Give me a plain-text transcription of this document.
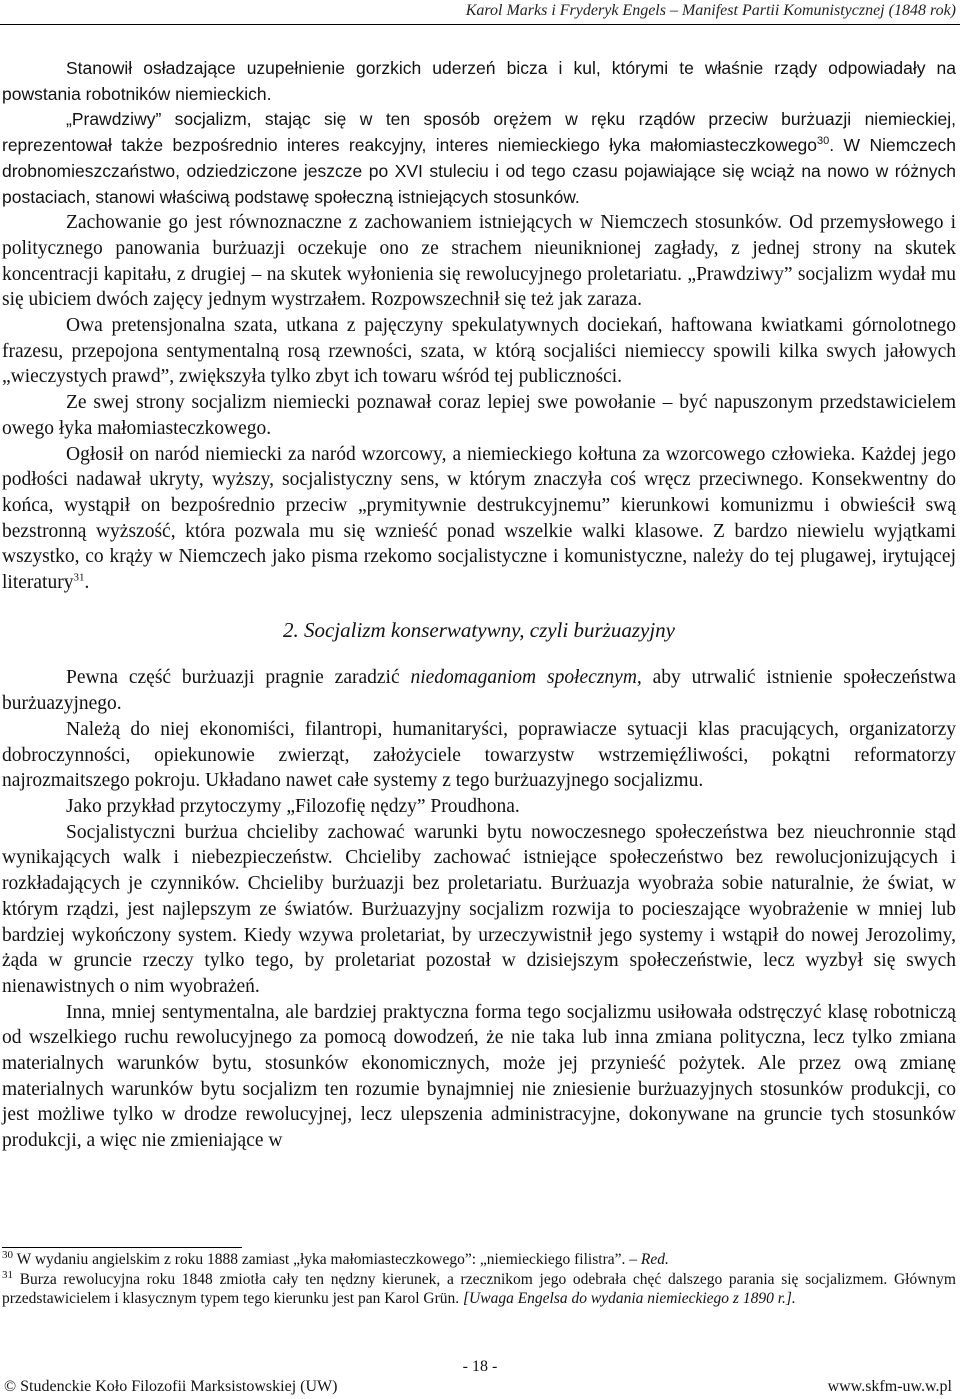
Karol Marks i Fryderyk Engels – Manifest Partii Komunistycznej (1848 rok)

Stanowił osładzające uzupełnienie gorzkich uderzeń bicza i kul, którymi te właśnie rządy odpowiadały na powstania robotników niemieckich.

„Prawdziwy” socjalizm, stając się w ten sposób orężem w ręku rządów przeciw burżuazji niemieckiej, reprezentował także bezpośrednio interes reakcyjny, interes niemieckiego łyka małomiasteczkowego$^{30}$. W Niemczech drobnomieszczaństwo, odziedziczone jeszcze po XVI stuleciu i od tego czasu pojawiające się wciąż na nowo w różnych postaciach, stanowi właściwą podstawę społeczną istniejących stosunków.

Zachowanie go jest równoznaczne z zachowaniem istniejących w Niemczech stosunków. Od przemysłowego i politycznego panowania burżuazji oczekuje ono ze strachem nieuniknionej zagłady, z jednej strony na skutek koncentracji kapitału, z drugiej – na skutek wyłonienia się rewolucyjnego proletariatu. „Prawdziwy” socjalizm wydał mu się ubiciem dwóch zajęcy jednym wystrzałem. Rozpowszechnił się też jak zaraza.

Owa pretensjonalna szata, utkana z pajęczyny spekulatywnych dociekań, haftowana kwiatkami górnolotnego frazesu, przepojona sentymentalną rosą rzewności, szata, w którą socjaliści niemieccy spowili kilka swych jałowych „wieczystych prawd”, zwiększyła tylko zbyt ich towaru wśród tej publiczności.

Ze swej strony socjalizm niemiecki poznawał coraz lepiej swe powołanie – być napuszonym przedstawicielem owego łyka małomiasteczkowego.

Ogłosił on naród niemiecki za naród wzorcowy, a niemieckiego kołtuna za wzorcowego człowieka. Każdej jego podłości nadawał ukryty, wyższy, socjalistyczny sens, w którym znaczyła coś wręcz przeciwnego. Konsekwentny do końca, wystąpił on bezpośrednio przeciw „prymitywnie destrukcyjnemu” kierunkowi komunizmu i obwieścił swą bezstronną wyższość, która pozwala mu się wznieść ponad wszelkie walki klasowe. Z bardzo niewielu wyjątkami wszystko, co krąży w Niemczech jako pisma rzekomo socjalistyczne i komunistyczne, należy do tej plugawej, irytującej literatury$^{31}$.

2. Socjalizm konserwatywny, czyli burżuazyjny

Pewna część burżuazji pragnie zaradzić niedomaganiom społecznym, aby utrwalić istnienie społeczeństwa burżuazyjnego.

Należą do niej ekonomiści, filantropi, humanitaryści, poprawiacze sytuacji klas pracujących, organizatorzy dobroczynności, opiekunowie zwierząt, założyciele towarzystw wstrzemięźliwości, pokątni reformatorzy najrozmaitszego pokroju. Układano nawet całe systemy z tego burżuazyjnego socjalizmu.

Jako przykład przytoczymy „Filozofię nędzy” Proudhona.

Socjalistyczni burżua chcieliby zachować warunki bytu nowoczesnego społeczeństwa bez nieuchronnie stąd wynikających walk i niebezpieczeństw. Chcieliby zachować istniejące społeczeństwo bez rewolucjonizujących i rozkładających je czynników. Chcieliby burżuazji bez proletariatu. Burżuazja wyobraża sobie naturalnie, że świat, w którym rządzi, jest najlepszym ze światów. Burżuazyjny socjalizm rozwija to pocieszające wyobrażenie w mniej lub bardziej wykończony system. Kiedy wzywa proletariat, by urzeczywistnił jego systemy i wstąpił do nowej Jerozolimy, żąda w gruncie rzeczy tylko tego, by proletariat pozostał w dzisiejszym społeczeństwie, lecz wyzbył się swych nienawistnych o nim wyobrażeń.

Inna, mniej sentymentalna, ale bardziej praktyczna forma tego socjalizmu usiłowała odstręczyć klasę robotniczą od wszelkiego ruchu rewolucyjnego za pomocą dowodzeń, że nie taka lub inna zmiana polityczna, lecz tylko zmiana materialnych warunków bytu, stosunków ekonomicznych, może jej przynieść pożytek. Ale przez ową zmianę materialnych warunków bytu socjalizm ten rozumie bynajmniej nie zniesienie burżuazyjnych stosunków produkcji, co jest możliwe tylko w drodze rewolucyjnej, lecz ulepszenia administracyjne, dokonywane na gruncie tych stosunków produkcji, a więc nie zmieniające w

$^{30}$ W wydaniu angielskim z roku 1888 zamiast „łyka małomiasteczkowego”: „niemieckiego filistra”. – Red.

$^{31}$ Burza rewolucyjna roku 1848 zmiotła cały ten nędzny kierunek, a rzecznikom jego odebrała chęć dalszego parania się socjalizmem. Głównym przedstawicielem i klasycznym typem tego kierunku jest pan Karol Grün. [Uwaga Engelsa do wydania niemieckiego z 1890 r.].

- 18 -
© Studenckie Koło Filozofii Marksistowskiej (UW)	www.skfm-uw.w.pl
